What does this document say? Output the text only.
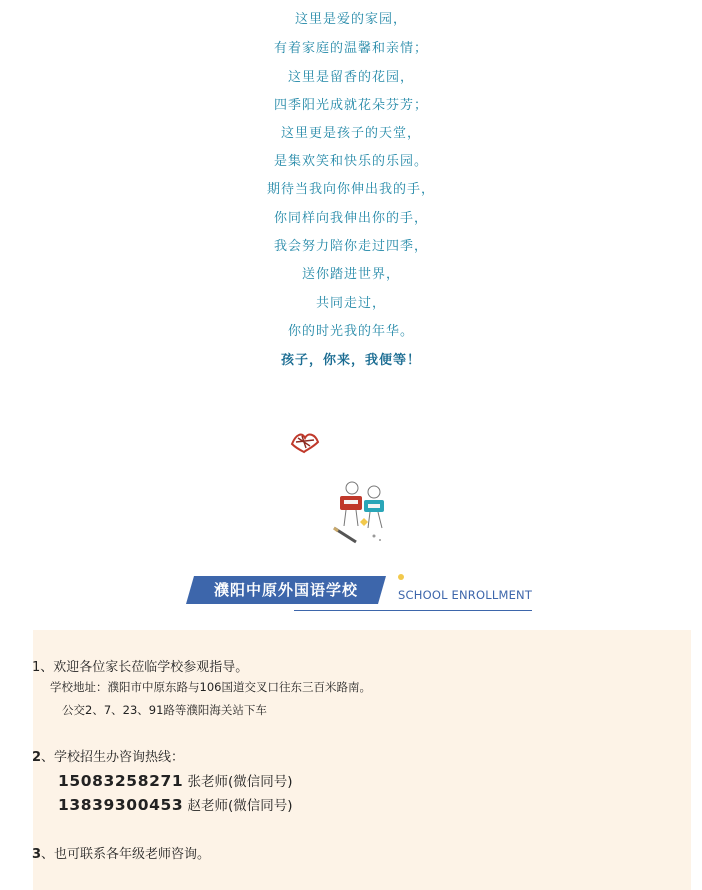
这里是爱的家园，
有着家庭的温馨和亲情；
这里是留香的花园，
四季阳光成就花朵芬芳；
这里更是孩子的天堂，
是集欢笑和快乐的乐园。
期待当我向你伸出我的手，
你同样向我伸出你的手，
我会努力陪你走过四季，
送你踏进世界，
共同走过，
你的时光我的年华。
孩子，你来，我便等！
濮阳中原外国语学校	SCHOOL ENROLLMENT
1、欢迎各位家长莅临学校参观指导。
学校地址：濮阳市中原东路与106国道交叉口往东三百米路南。
公交2、7、23、91路等濮阳海关站下车
2、学校招生办咨询热线：
15083258271 张老师(微信同号)
13839300453 赵老师(微信同号)
3、也可联系各年级老师咨询。
